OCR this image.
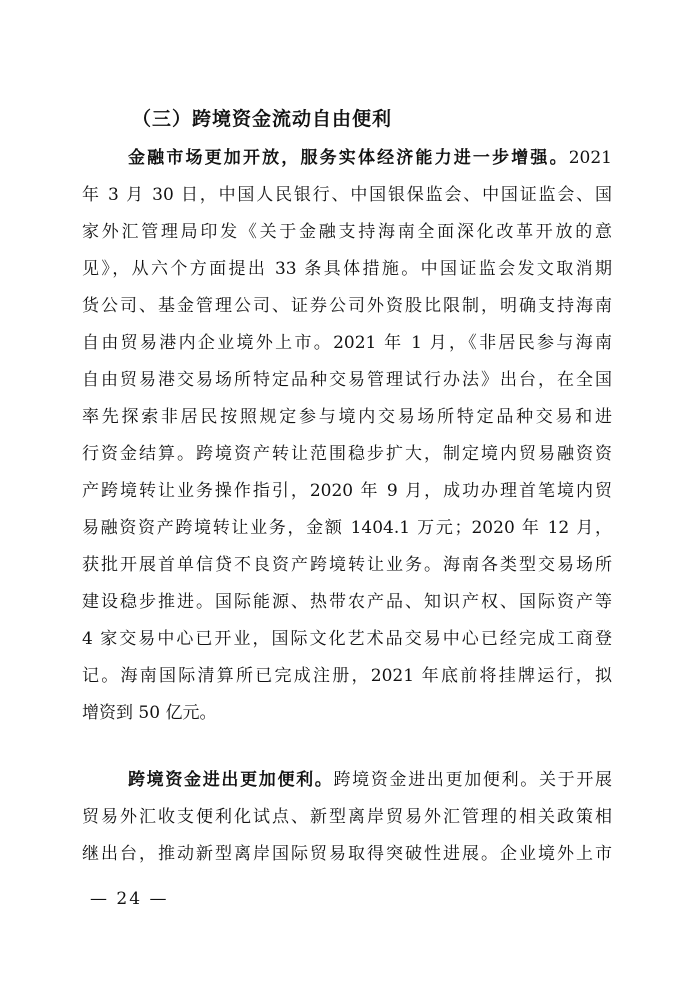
（三）跨境资金流动自由便利
金融市场更加开放，服务实体经济能力进一步增强。2021
年 3 月 30 日，中国人民银行、中国银保监会、中国证监会、国
家外汇管理局印发《关于金融支持海南全面深化改革开放的意
见》，从六个方面提出 33 条具体措施。中国证监会发文取消期
货公司、基金管理公司、证券公司外资股比限制，明确支持海南
自由贸易港内企业境外上市。2021 年 1 月，《非居民参与海南
自由贸易港交易场所特定品种交易管理试行办法》出台，在全国
率先探索非居民按照规定参与境内交易场所特定品种交易和进
行资金结算。跨境资产转让范围稳步扩大，制定境内贸易融资资
产跨境转让业务操作指引，2020 年 9 月，成功办理首笔境内贸
易融资资产跨境转让业务，金额 1404.1 万元；2020 年 12 月，
获批开展首单信贷不良资产跨境转让业务。海南各类型交易场所
建设稳步推进。国际能源、热带农产品、知识产权、国际资产等
4 家交易中心已开业，国际文化艺术品交易中心已经完成工商登
记。海南国际清算所已完成注册，2021 年底前将挂牌运行，拟
增资到 50 亿元。
跨境资金进出更加便利。跨境资金进出更加便利。关于开展
贸易外汇收支便利化试点、新型离岸贸易外汇管理的相关政策相
继出台，推动新型离岸国际贸易取得突破性进展。企业境外上市
— 24 —
